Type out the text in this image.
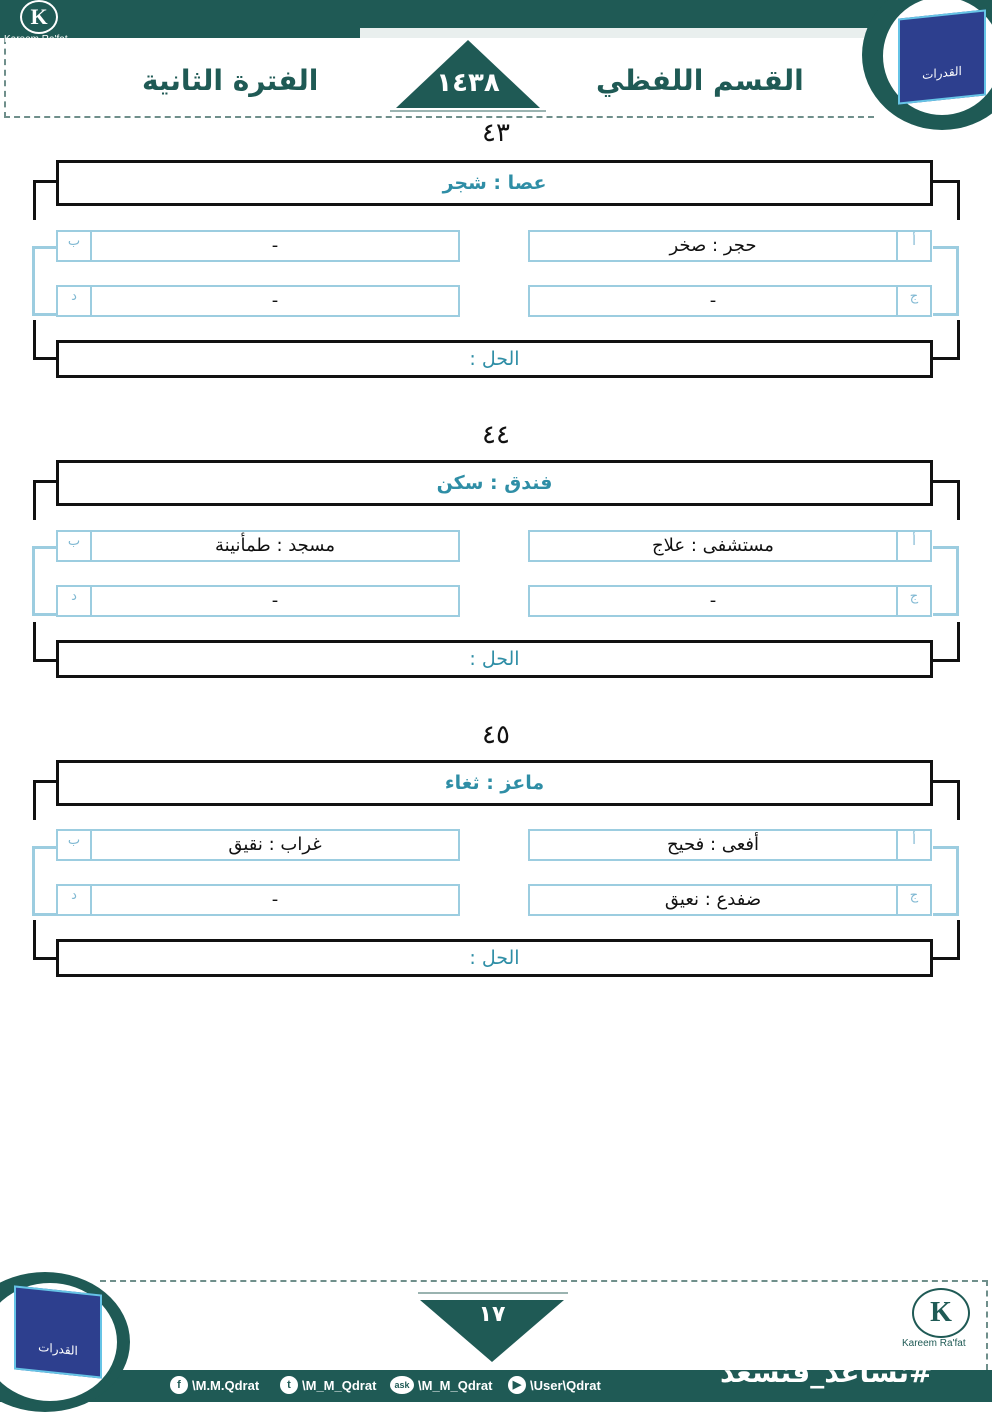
K
Kareem Ra'fat
القسم اللفظي
١٤٣٨
الفترة الثانية	القدرات
٤٣
عصا : شجر
ب	-	حجر : صخر	أ
د	-	-	ج
الحل :
٤٤
فندق : سكن
ب	مسجد : طمأنينة	مستشفى : علاج	أ
د	-	-	ج
الحل :
٤٥
ماعز : ثغاء
ب	غراب : نقيق	أفعى : فحيح	أ
د	-	ضفدع : نعيق	ج
الحل :
١٧	K
Kareem Ra'fat
القدرات
f \M.M.Qdrat	t \M_M_Qdrat	ask \M_M_Qdrat	▶ \User\Qdrat	#نساعد_فنسعد
